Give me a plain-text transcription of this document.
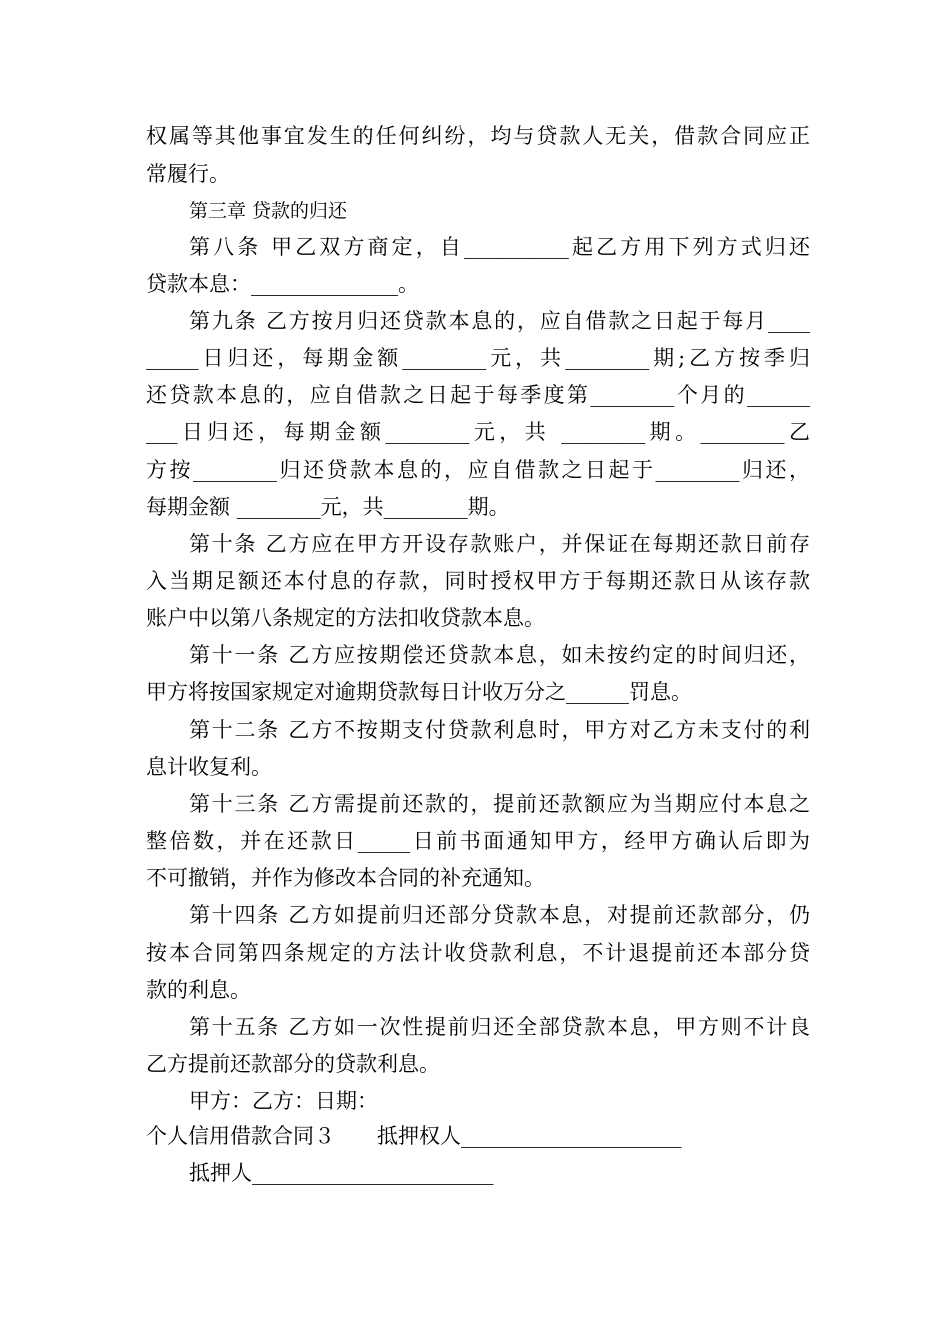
权属等其他事宜发生的任何纠纷，均与贷款人无关，借款合同应正
常履行。
第三章 贷款的归还
第八条 甲乙双方商定，自__________起乙方用下列方式归还
贷款本息：______________。
第九条 乙方按月归还贷款本息的，应自借款之日起于每月____
_____日归还，每期金额________元，共________期;乙方按季归
还贷款本息的，应自借款之日起于每季度第________个月的______
___日归还，每期金额________元，共 ________期。________乙
方按________归还贷款本息的，应自借款之日起于________归还，
每期金额 ________元，共________期。
第十条 乙方应在甲方开设存款账户，并保证在每期还款日前存
入当期足额还本付息的存款，同时授权甲方于每期还款日从该存款
账户中以第八条规定的方法扣收贷款本息。
第十一条 乙方应按期偿还贷款本息，如未按约定的时间归还，
甲方将按国家规定对逾期贷款每日计收万分之______罚息。
第十二条 乙方不按期支付贷款利息时，甲方对乙方未支付的利
息计收复利。
第十三条 乙方需提前还款的，提前还款额应为当期应付本息之
整倍数，并在还款日_____日前书面通知甲方，经甲方确认后即为
不可撤销，并作为修改本合同的补充通知。
第十四条 乙方如提前归还部分贷款本息，对提前还款部分，仍
按本合同第四条规定的方法计收贷款利息，不计退提前还本部分贷
款的利息。
第十五条 乙方如一次性提前归还全部贷款本息，甲方则不计良
乙方提前还款部分的贷款利息。
甲方：乙方：日期：
个人信用借款合同３　　抵押权人_____________________
抵押人_______________________
